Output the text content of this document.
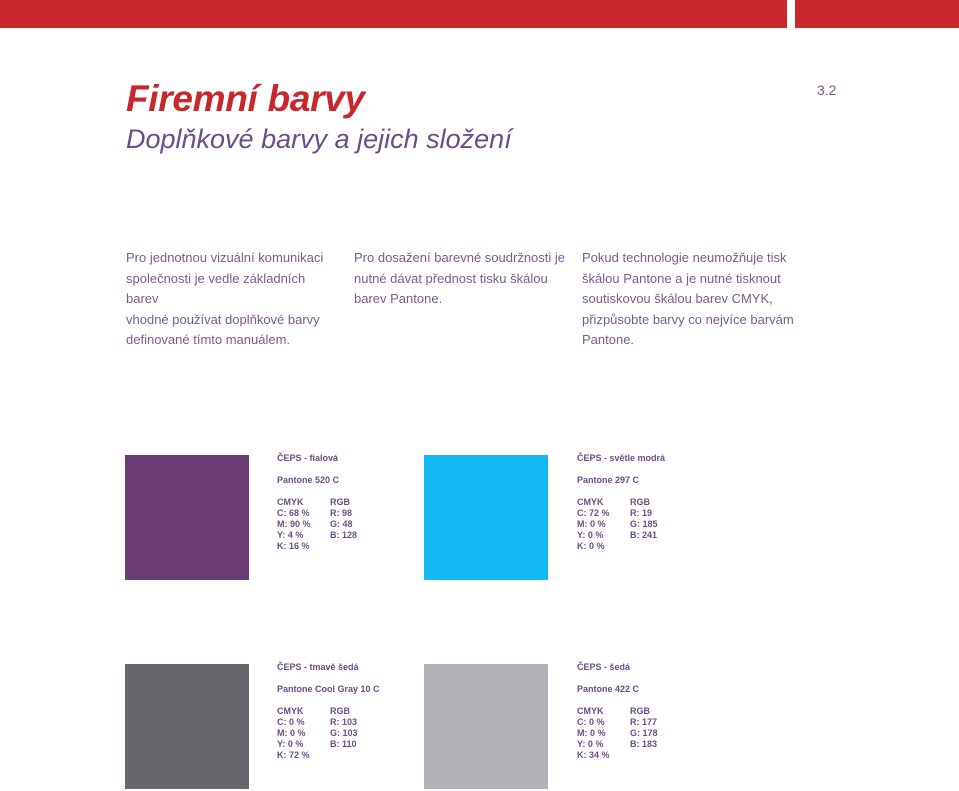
Firemní barvy
Doplňkové barvy a jejich složení
3.2

Pro jednotnou vizuální komunikaci
společnosti je vedle základních barev
vhodné používat doplňkové barvy
definované tímto manuálem.

Pro dosažení barevné soudržnosti je
nutné dávat přednost tisku škálou
barev Pantone.

Pokud technologie neumožňuje tisk
škálou Pantone a je nutné tisknout
soutiskovou škálou barev CMYK,
přizpůsobte barvy co nejvíce barvám
Pantone.

ČEPS - fialová
Pantone 520 C
CMYK
C: 68 %
M: 90 %
Y: 4 %
K: 16 %
RGB
R: 98
G: 48
B: 128
ČEPS - světle modrá
Pantone 297 C
CMYK
C: 72 %
M: 0 %
Y: 0 %
K: 0 %
RGB
R: 19
G: 185
B: 241
ČEPS - tmavě šedá
Pantone Cool Gray 10 C
CMYK
C: 0 %
M: 0 %
Y: 0 %
K: 72 %
RGB
R: 103
G: 103
B: 110
ČEPS - šedá
Pantone 422 C
CMYK
C: 0 %
M: 0 %
Y: 0 %
K: 34 %
RGB
R: 177
G: 178
B: 183
